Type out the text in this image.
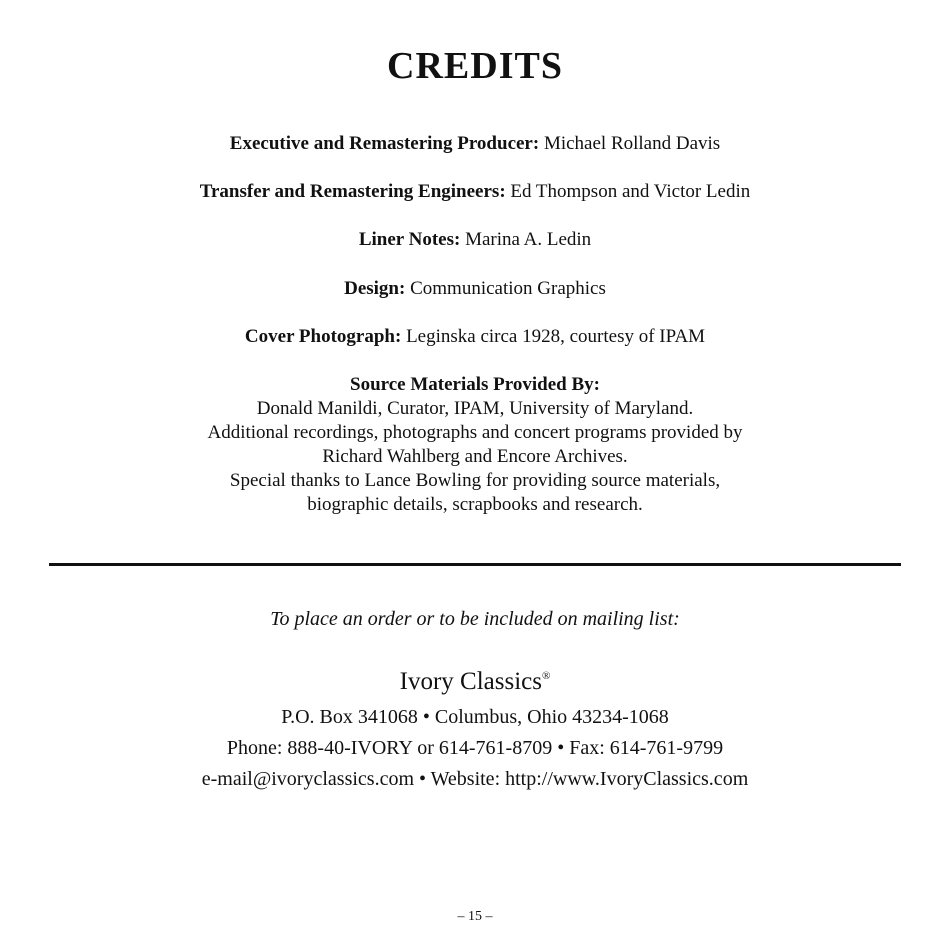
CREDITS
Executive and Remastering Producer: Michael Rolland Davis
Transfer and Remastering Engineers: Ed Thompson and Victor Ledin
Liner Notes: Marina A. Ledin
Design: Communication Graphics
Cover Photograph: Leginska circa 1928, courtesy of IPAM
Source Materials Provided By:
Donald Manildi, Curator, IPAM, University of Maryland.
Additional recordings, photographs and concert programs provided by
Richard Wahlberg and Encore Archives.
Special thanks to Lance Bowling for providing source materials,
biographic details, scrapbooks and research.
To place an order or to be included on mailing list:
Ivory Classics®
P.O. Box 341068 • Columbus, Ohio 43234-1068
Phone: 888-40-IVORY or 614-761-8709 • Fax: 614-761-9799
e-mail@ivoryclassics.com • Website: http://www.IvoryClassics.com
– 15 –
